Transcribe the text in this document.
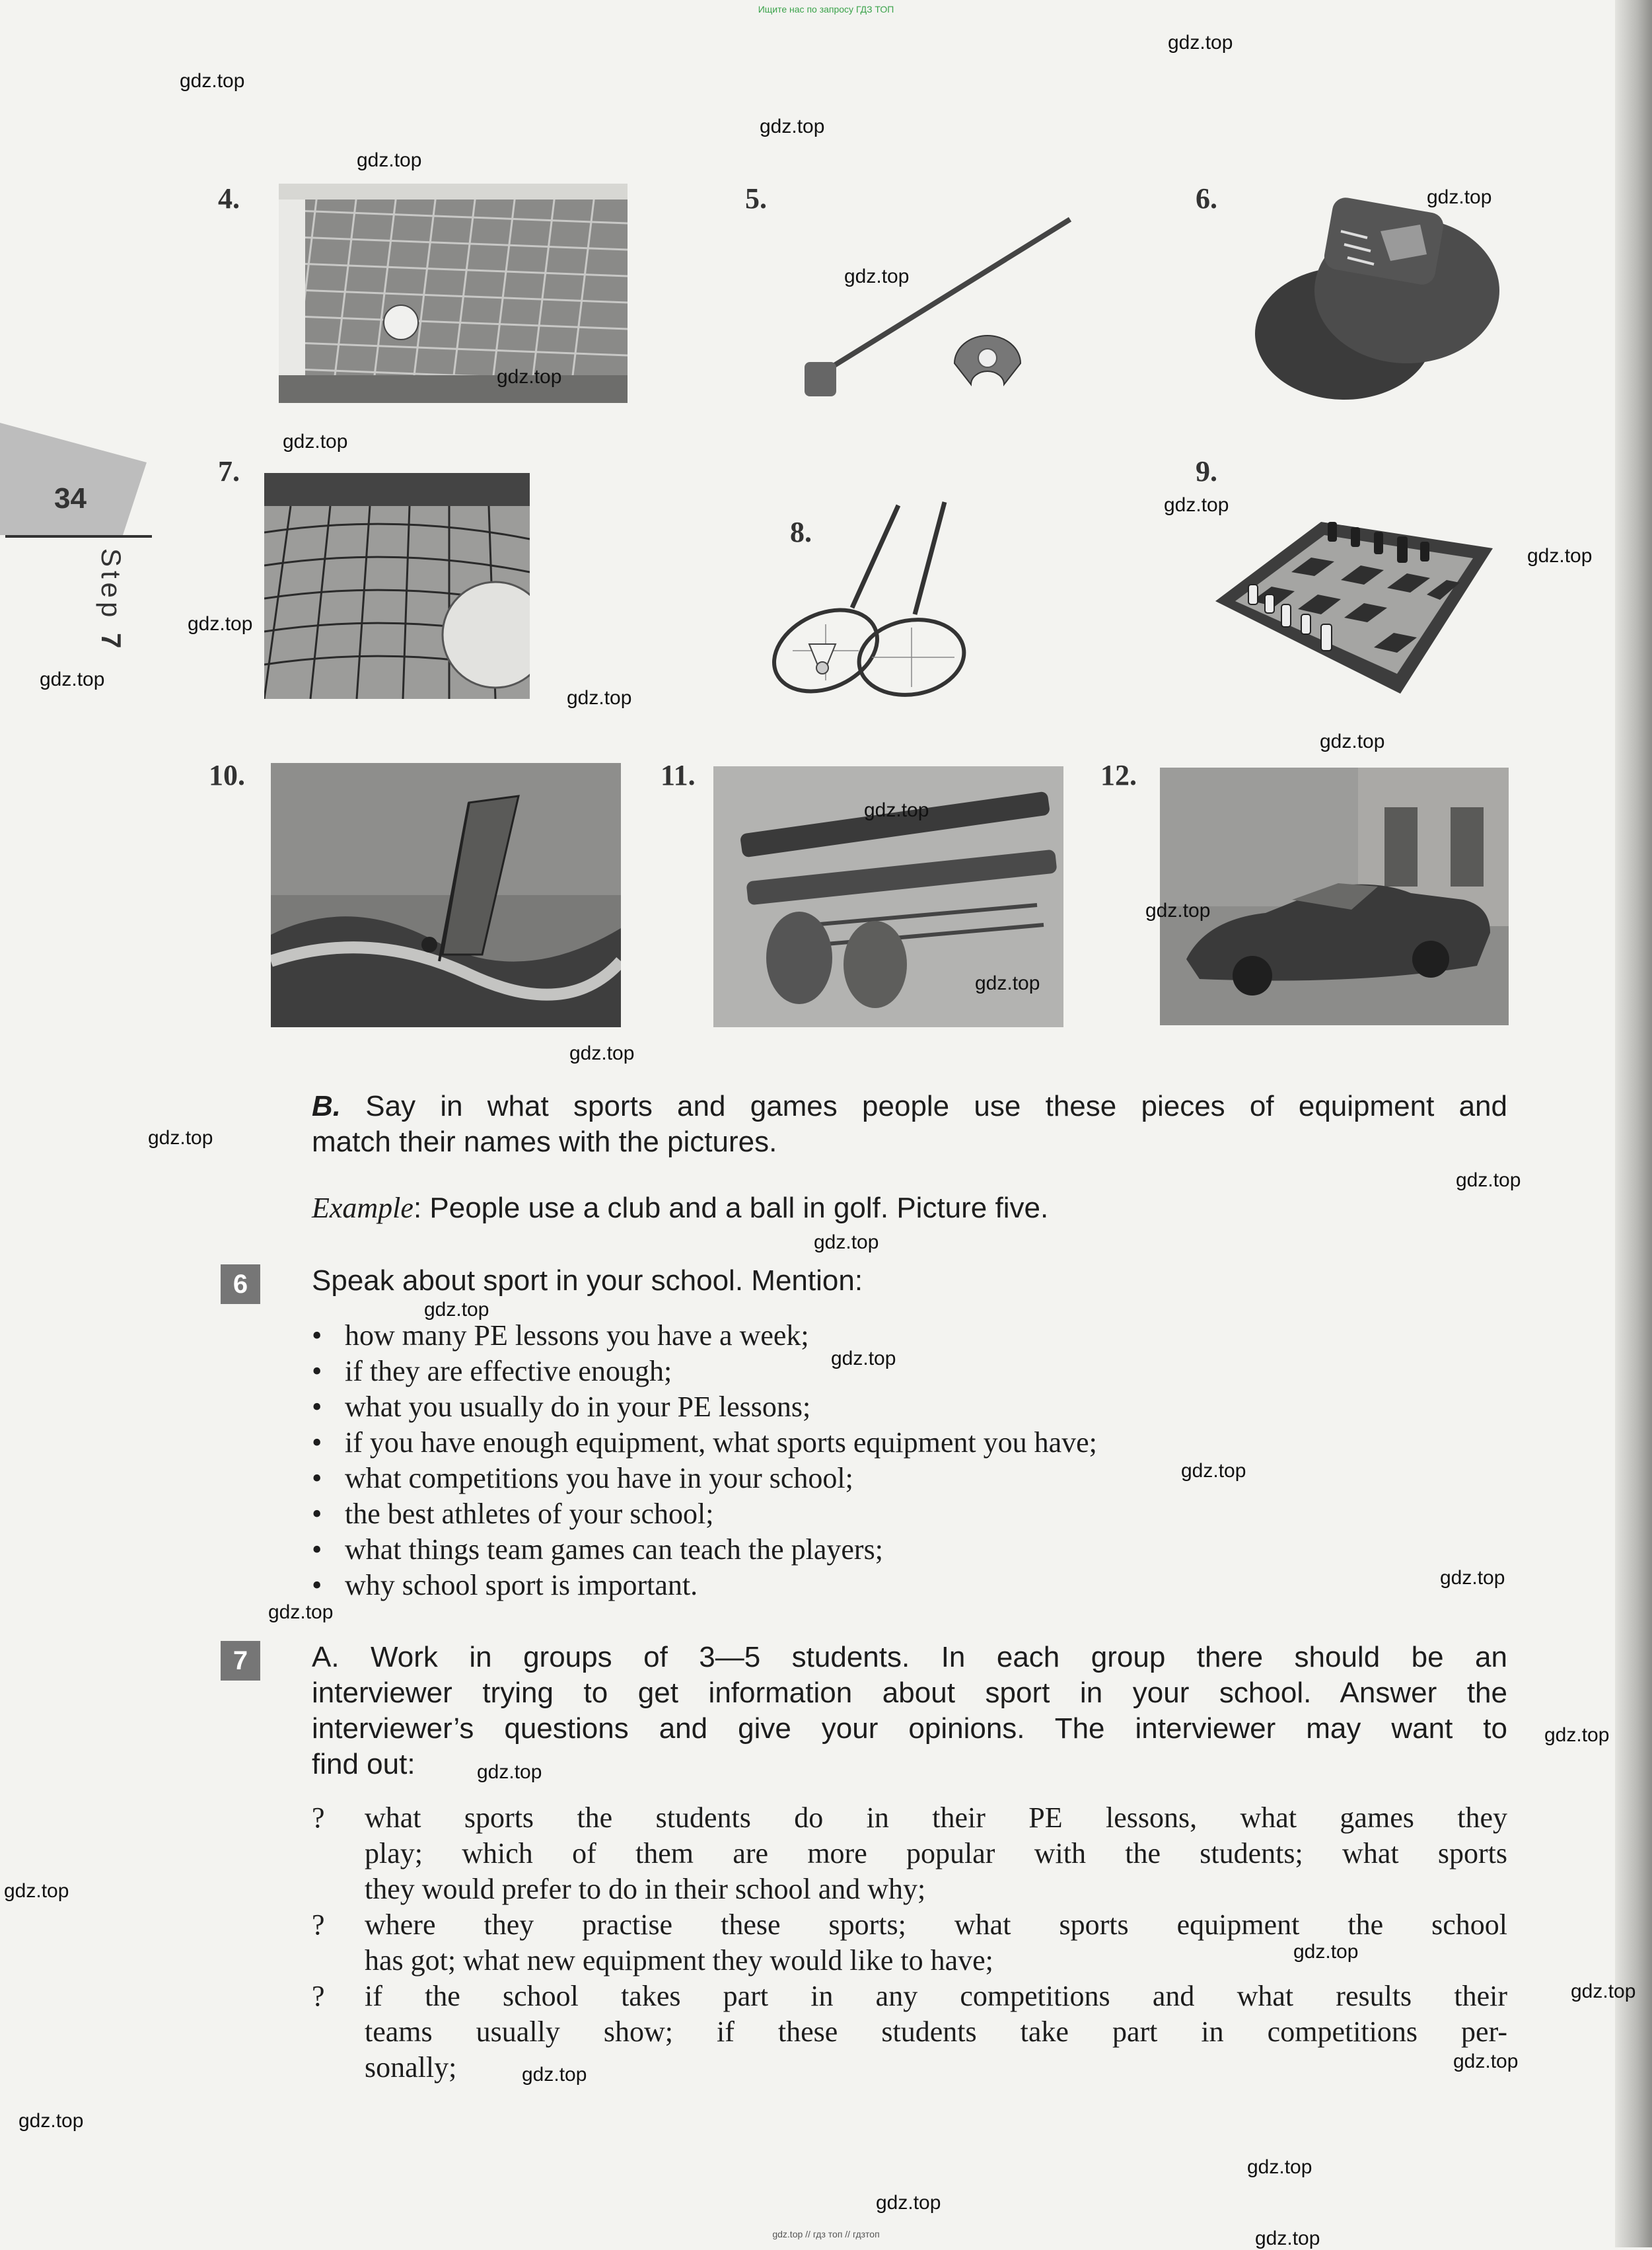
Ищите нас по запросу ГДЗ ТОП
34
Step 7
4.	5.	6.
7.
8.
9.
10.	11.	12.
B. Say in what sports and games people use these pieces of equipment and
match their names with the pictures.
Example: People use a club and a ball in golf. Picture five.
6	Speak about sport in your school. Mention:
• how many PE lessons you have a week;
• if they are effective enough;
• what you usually do in your PE lessons;
• if you have enough equipment, what sports equipment you have;
• what competitions you have in your school;
• the best athletes of your school;
• what things team games can teach the players;
• why school sport is important.
7	A. Work in groups of 3—5 students. In each group there should be an
interviewer trying to get information about sport in your school. Answer the
interviewer’s questions and give your opinions. The interviewer may want to
find out:
? what sports the students do in their PE lessons, what games they
play; which of them are more popular with the students; what sports
they would prefer to do in their school and why;
? where they practise these sports; what sports equipment the school
has got; what new equipment they would like to have;
? if the school takes part in any competitions and what results their
teams usually show; if these students take part in competitions per-
sonally;
gdz.top // гдз топ // гдзтоп
gdz.top
gdz.top
gdz.top
gdz.top
gdz.top
gdz.top
gdz.top
gdz.top
gdz.top
gdz.top
gdz.top
gdz.top
gdz.top
gdz.top
gdz.top
gdz.top
gdz.top
gdz.top
gdz.top
gdz.top
gdz.top
gdz.top
gdz.top
gdz.top
gdz.top
gdz.top
gdz.top
gdz.top
gdz.top
gdz.top
gdz.top
gdz.top
gdz.top
gdz.top
gdz.top
gdz.top
gdz.top
